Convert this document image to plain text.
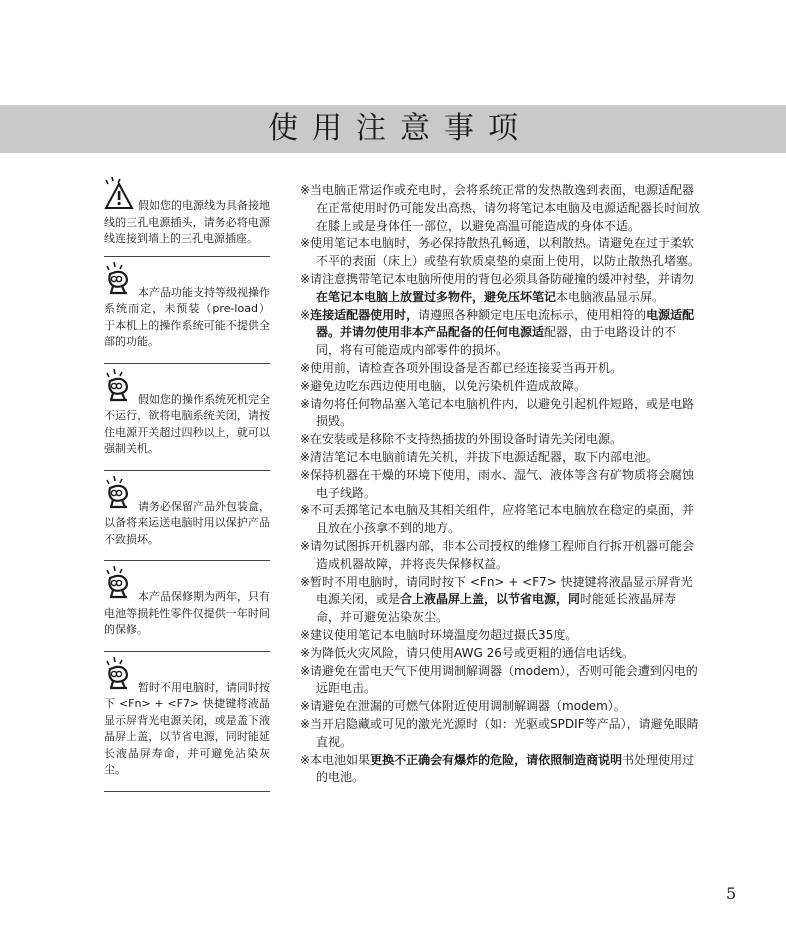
使用注意事项

假如您的电源线为具备接地线的三孔电源插头，请务必将电源线连接到墙上的三孔电源插座。

本产品功能支持等级视操作系统而定，未预装（pre-load）于本机上的操作系统可能不提供全部的功能。

假如您的操作系统死机完全不运行，欲将电脑系统关闭，请按住电源开关超过四秒以上，就可以强制关机。

请务必保留产品外包装盒，以备将来运送电脑时用以保护产品不致损坏。

本产品保修期为两年，只有电池等损耗性零件仅提供一年时间的保修。

暂时不用电脑时，请同时按下 <Fn> + <F7> 快捷键将液晶显示屏背光电源关闭，或是盖下液晶屏上盖，以节省电源，同时能延长液晶屏寿命，并可避免沾染灰尘。

※当电脑正常运作或充电时，会将系统正常的发热散逸到表面，电源适配器在正常使用时仍可能发出高热，请勿将笔记本电脑及电源适配器长时间放在膝上或是身体任一部位，以避免高温可能造成的身体不适。

※使用笔记本电脑时，务必保持散热孔畅通，以利散热。请避免在过于柔软不平的表面（床上）或垫有软质桌垫的桌面上使用，以防止散热孔堵塞。

※请注意携带笔记本电脑所使用的背包必须具备防碰撞的缓冲衬垫，并请勿在笔记本电脑上放置过多物件，避免压坏笔记本电脑液晶显示屏。

※连接适配器使用时，请遵照各种额定电压电流标示，使用相符的电源适配器。并请勿使用非本产品配备的任何电源适配器，由于电路设计的不同，将有可能造成内部零件的损坏。

※使用前，请检查各项外围设备是否都已经连接妥当再开机。

※避免边吃东西边使用电脑，以免污染机件造成故障。

※请勿将任何物品塞入笔记本电脑机件内，以避免引起机件短路，或是电路损毁。

※在安装或是移除不支持热插拔的外围设备时请先关闭电源。

※清洁笔记本电脑前请先关机，并拔下电源适配器，取下内部电池。

※保持机器在干燥的环境下使用，雨水、湿气、液体等含有矿物质将会腐蚀电子线路。

※不可丢掷笔记本电脑及其相关组件，应将笔记本电脑放在稳定的桌面，并且放在小孩拿不到的地方。

※请勿试图拆开机器内部，非本公司授权的维修工程师自行拆开机器可能会造成机器故障，并将丧失保修权益。

※暂时不用电脑时，请同时按下 <Fn> + <F7> 快捷键将液晶显示屏背光电源关闭，或是合上液晶屏上盖，以节省电源，同时能延长液晶屏寿命，并可避免沾染灰尘。

※建议使用笔记本电脑时环境温度勿超过摄氏35度。

※为降低火灾风险，请只使用AWG 26号或更粗的通信电话线。

※请避免在雷电天气下使用调制解调器（modem），否则可能会遭到闪电的远距电击。

※请避免在泄漏的可燃气体附近使用调制解调器（modem）。

※当开启隐藏或可见的激光光源时（如：光驱或SPDIF等产品），请避免眼睛直视。

※本电池如果更换不正确会有爆炸的危险，请依照制造商说明书处理使用过的电池。

5
